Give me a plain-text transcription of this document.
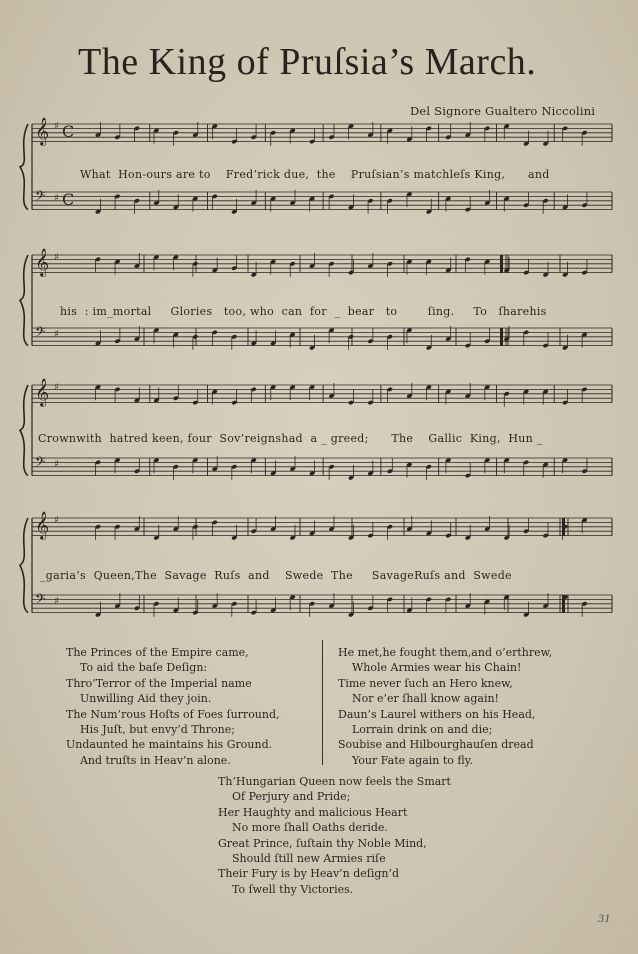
The King of Pruſsia’s March.
Del Signore Gualtero Niccolini
𝄞 ♯
𝄢 ♯
𝄞 ♯
𝄢 ♯
𝄞 ♯
𝄢 ♯
𝄞 ♯
𝄢 ♯
C
C
What  Hon-ours are to    Fred’rick due,  the    Pruſsian’s matchleſs King,      and
his  : im_mortal     Glories   too, who  can  for  _  bear   to        ſing.     To   ſharehis
Crownwith  hatred keen, four  Sov’reignshad  a _ greed;      The    Gallic  King,  Hun _
_garia’s  Queen,The  Savage  Ruſs  and    Swede  The     SavageRuſs and  Swede
The Princes of the Empire came,
To aid the baſe Deſign:
Thro’Terror of the Imperial name
Unwilling Aid they join.
The Num’rous Hoſts of Foes ſurround,
His Juſt, but envy’d Throne;
Undaunted he maintains his Ground.
And truſts in Heav’n alone.
He met,he fought them,and o’erthrew,
Whole Armies wear his Chain!
Time never ſuch an Hero knew,
Nor e’er ſhall know again!
Daun’s Laurel withers on his Head,
Lorrain drink on and die;
Soubise and Hilbourghauſen dread
Your Fate again to fly.
Th’Hungarian Queen now feels the Smart
Of Perjury and Pride;
Her Haughty and malicious Heart
No more ſhall Oaths deride.
Great Prince, ſuſtain thy Noble Mind,
Should ſtill new Armies riſe
Their Fury is by Heav’n deſign’d
To ſwell thy Victories.
31
